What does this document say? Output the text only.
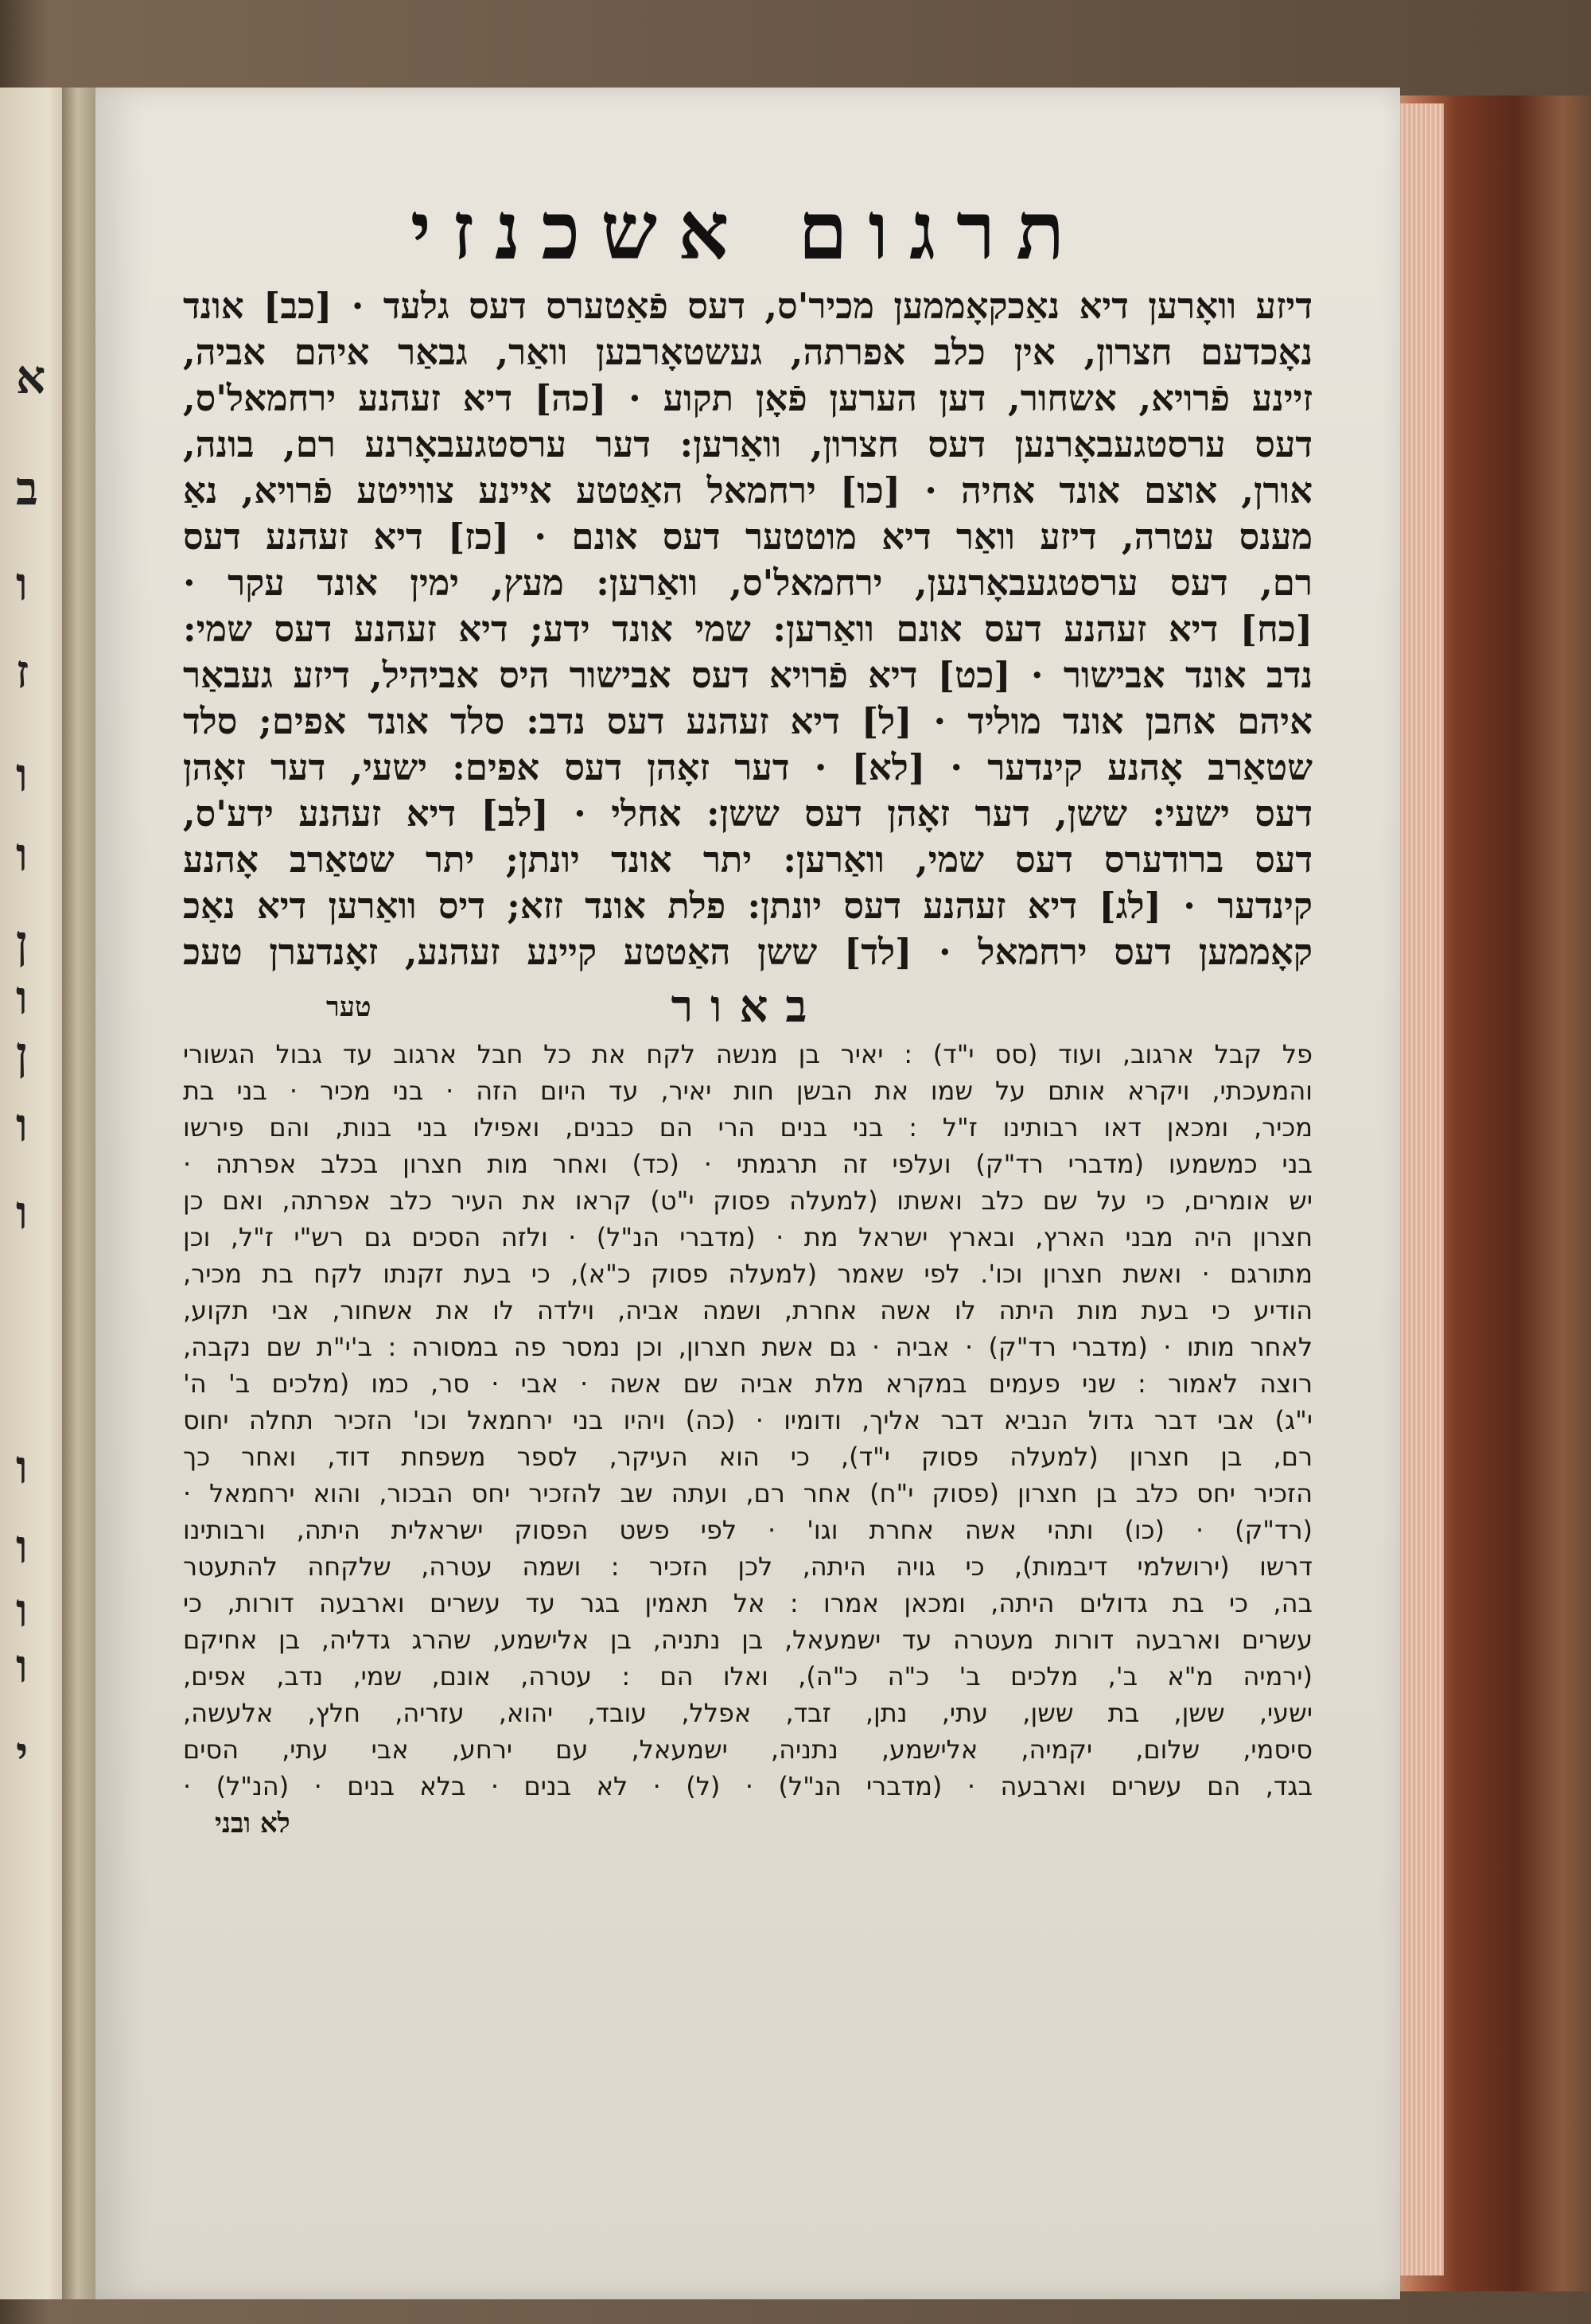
א
ב
ו
ז
ו
ו
ן
ו
ן
ו
ו
ו
ו
ו
ו
י
תרגום אשכנזי
דיזע וואָרען דיא נאַכקאָממען מכיר'ס, דעס פֿאַטערס דעס גלעד · [כב] אונד
נאָכדעם חצרון, אין כלב אפרתה, געשטאָרבען וואַר, גבאַר איהם אביה,
זיינע פֿרויא, אשחור, דען הערען פֿאָן תקוע · [כה] דיא זעהנע ירחמאל'ס,
דעס ערסטגעבאָרנען דעס חצרון, וואַרען: דער ערסטגעבאָרנע רם, בונה,
אורן, אוצם אונד אחיה · [כו] ירחמאל האַטטע איינע צווייטע פֿרויא, נאַ
מענס עטרה, דיזע וואַר דיא מוטטער דעס אונם · [כז] דיא זעהנע דעס
רם, דעס ערסטגעבאָרנען, ירחמאל'ס, וואַרען: מעץ, ימין אונד עקר ·
[כח] דיא זעהנע דעס אונם וואַרען: שמי אונד ידע; דיא זעהנע דעס שמי:
נדב אונד אבישור · [כט] דיא פֿרויא דעס אבישור היס אביהיל, דיזע געבאַר
איהם אחבן אונד מוליד · [ל] דיא זעהנע דעס נדב: סלד אונד אפים; סלד
שטאַרב אָהנע קינדער · [לא] · דער זאָהן דעס אפים: ישעי, דער זאָהן
דעס ישעי: ששן, דער זאָהן דעס ששן: אחלי · [לב] דיא זעהנע ידע'ס,
דעס ברודערס דעס שמי, וואַרען: יתר אונד יונתן; יתר שטאַרב אָהנע
קינדער · [לג] דיא זעהנע דעס יונתן: פלת אונד זזא; דיס וואַרען דיא נאַכ
קאָממען דעס ירחמאל · [לד] ששן האַטטע קיינע זעהנע, זאָנדערן טעכ
באור
טער
פל קבל ארגוב, ועוד (סס י"ד) : יאיר בן מנשה לקח את כל חבל ארגוב עד גבול הגשורי
והמעכתי, ויקרא אותם על שמו את הבשן חות יאיר, עד היום הזה · בני מכיר · בני בת
מכיר, ומכאן דאו רבותינו ז"ל : בני בנים הרי הם כבנים, ואפילו בני בנות, והם פירשו
בני כמשמעו (מדברי רד"ק) ועלפי זה תרגמתי · (כד) ואחר מות חצרון בכלב אפרתה ·
יש אומרים, כי על שם כלב ואשתו (למעלה פסוק י"ט) קראו את העיר כלב אפרתה, ואם כן
חצרון היה מבני הארץ, ובארץ ישראל מת · (מדברי הנ"ל) · ולזה הסכים גם רש"י ז"ל, וכן
מתורגם · ואשת חצרון וכו'. לפי שאמר (למעלה פסוק כ"א), כי בעת זקנתו לקח בת מכיר,
הודיע כי בעת מות היתה לו אשה אחרת, ושמה אביה, וילדה לו את אשחור, אבי תקוע,
לאחר מותו · (מדברי רד"ק) · אביה · גם אשת חצרון, וכן נמסר פה במסורה : ב'י"ת שם נקבה,
רוצה לאמור : שני פעמים במקרא מלת אביה שם אשה · אבי · סר, כמו (מלכים ב' ה'
י"ג) אבי דבר גדול הנביא דבר אליך, ודומיו · (כה) ויהיו בני ירחמאל וכו' הזכיר תחלה יחוס
רם, בן חצרון (למעלה פסוק י"ד), כי הוא העיקר, לספר משפחת דוד, ואחר כך
הזכיר יחס כלב בן חצרון (פסוק י"ח) אחר רם, ועתה שב להזכיר יחס הבכור, והוא ירחמאל ·
(רד"ק) · (כו) ותהי אשה אחרת וגו' · לפי פשט הפסוק ישראלית היתה, ורבותינו
דרשו (ירושלמי דיבמות), כי גויה היתה, לכן הזכיר : ושמה עטרה, שלקחה להתעטר
בה, כי בת גדולים היתה, ומכאן אמרו : אל תאמין בגר עד עשרים וארבעה דורות, כי
עשרים וארבעה דורות מעטרה עד ישמעאל, בן נתניה, בן אלישמע, שהרג גדליה, בן אחיקם
(ירמיה מ"א ב', מלכים ב' כ"ה כ"ה), ואלו הם : עטרה, אונם, שמי, נדב, אפים,
ישעי, ששן, בת ששן, עתי, נתן, זבד, אפלל, עובד, יהוא, עזריה, חלץ, אלעשה,
סיסמי, שלום, יקמיה, אלישמע, נתניה, ישמעאל, עם ירחע, אבי עתי, הסים
בגד, הם עשרים וארבעה · (מדברי הנ"ל) · (ל) · לא בנים · בלא בנים · (הנ"ל) ·
לא ובני
